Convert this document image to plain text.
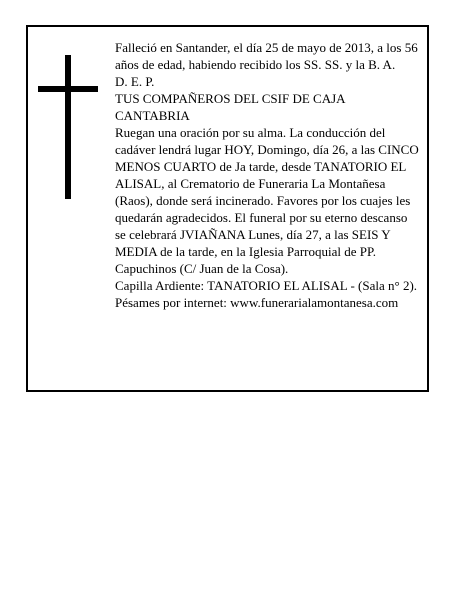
Falleció en Santander, el día 25 de mayo de 2013, a los 56 años de edad, habiendo recibido los SS. SS. y la B. A.

D. E. P.

TUS COMPAÑEROS DEL CSIF DE CAJA CANTABRIA

Ruegan una oración por su alma. La conducción del cadáver lendrá lugar HOY, Domingo, día 26, a las CINCO MENOS CUARTO de Ja tarde, desde TANATORIO EL ALISAL, al Crematorio de Funeraria La Montañesa (Raos), donde será incinerado. Favores por los cuajes les quedarán agradecidos. El funeral por su eterno descanso se celebrará JVIAÑANA Lunes, día 27, a las SEIS Y MEDIA de la tarde, en la Iglesia Parroquial de PP. Capuchinos (C/ Juan de la Cosa).

Capilla Ardiente: TANATORIO EL ALISAL - (Sala n° 2).

Pésames por internet: www.funerarialamontanesa.com
